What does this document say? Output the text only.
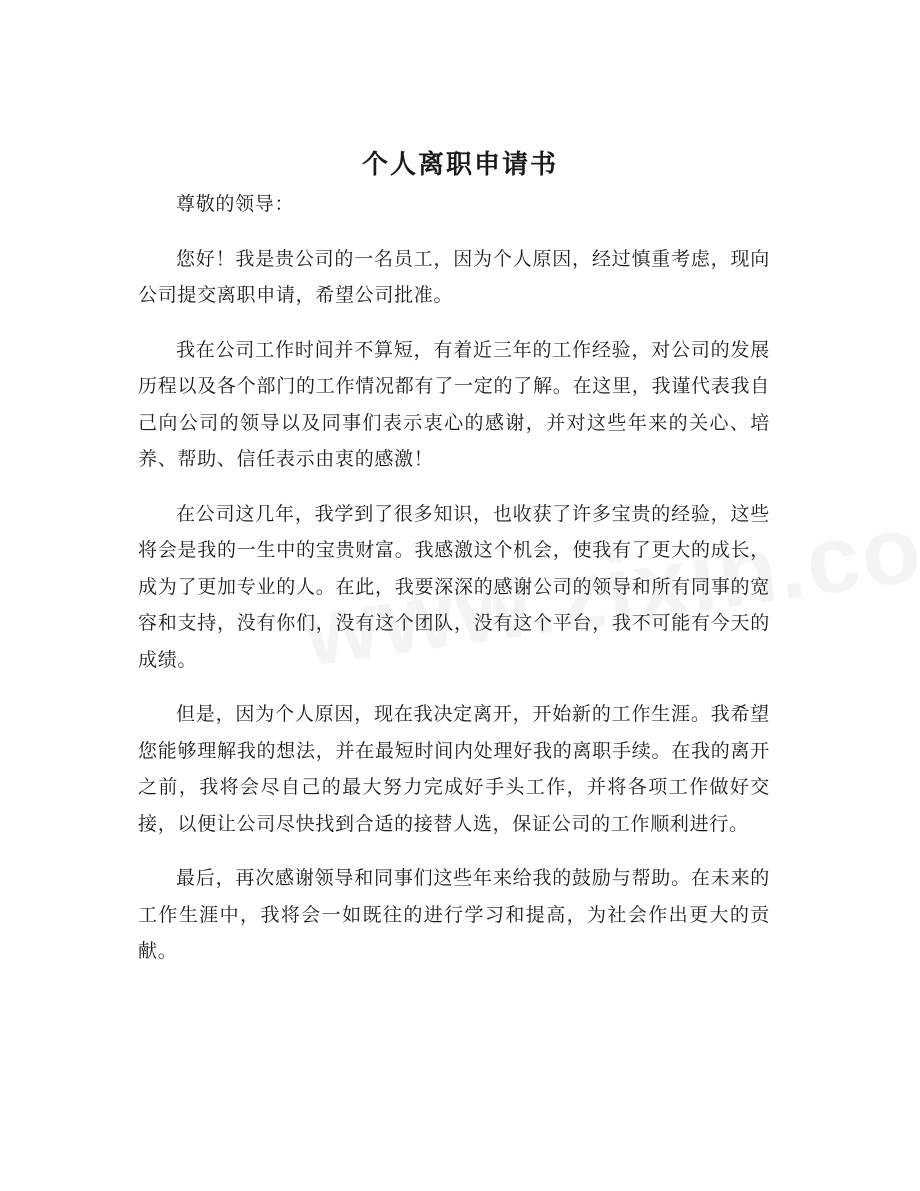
个人离职申请书

尊敬的领导：

您好！我是贵公司的一名员工，因为个人原因，经过慎重考虑，现向公司提交离职申请，希望公司批准。

我在公司工作时间并不算短，有着近三年的工作经验，对公司的发展历程以及各个部门的工作情况都有了一定的了解。在这里，我谨代表我自己向公司的领导以及同事们表示衷心的感谢，并对这些年来的关心、培养、帮助、信任表示由衷的感激！

在公司这几年，我学到了很多知识，也收获了许多宝贵的经验，这些将会是我的一生中的宝贵财富。我感激这个机会，使我有了更大的成长，成为了更加专业的人。在此，我要深深的感谢公司的领导和所有同事的宽容和支持，没有你们，没有这个团队，没有这个平台，我不可能有今天的成绩。

但是，因为个人原因，现在我决定离开，开始新的工作生涯。我希望您能够理解我的想法，并在最短时间内处理好我的离职手续。在我的离开之前，我将会尽自己的最大努力完成好手头工作，并将各项工作做好交接，以便让公司尽快找到合适的接替人选，保证公司的工作顺利进行。

最后，再次感谢领导和同事们这些年来给我的鼓励与帮助。在未来的工作生涯中，我将会一如既往的进行学习和提高，为社会作出更大的贡献。
